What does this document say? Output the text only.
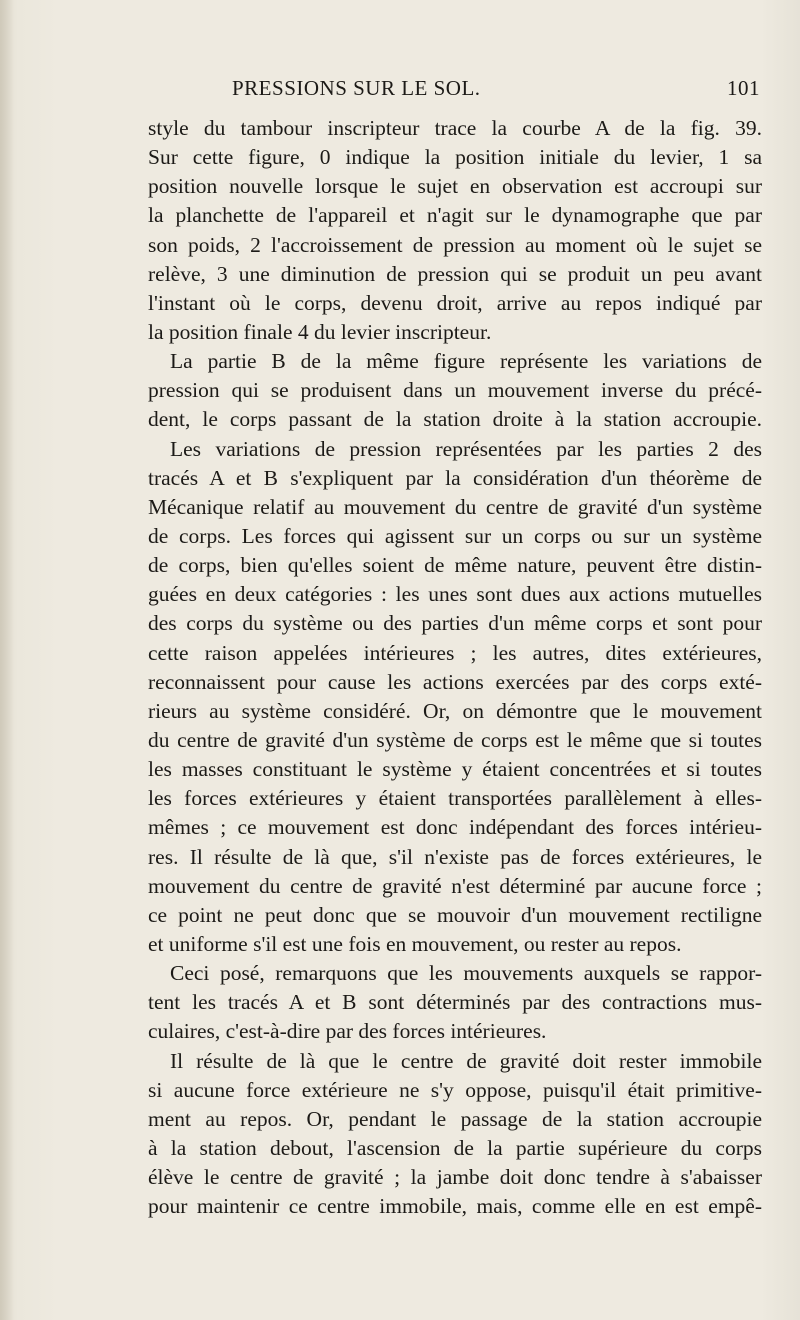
PRESSIONS SUR LE SOL.	101
style du tambour inscripteur trace la courbe A de la fig. 39.
Sur cette figure, 0 indique la position initiale du levier, 1 sa
position nouvelle lorsque le sujet en observation est accroupi sur
la planchette de l'appareil et n'agit sur le dynamographe que par
son poids, 2 l'accroissement de pression au moment où le sujet se
relève, 3 une diminution de pression qui se produit un peu avant
l'instant où le corps, devenu droit, arrive au repos indiqué par
la position finale 4 du levier inscripteur.
La partie B de la même figure représente les variations de
pression qui se produisent dans un mouvement inverse du précé-
dent, le corps passant de la station droite à la station accroupie.
Les variations de pression représentées par les parties 2 des
tracés A et B s'expliquent par la considération d'un théorème de
Mécanique relatif au mouvement du centre de gravité d'un système
de corps. Les forces qui agissent sur un corps ou sur un système
de corps, bien qu'elles soient de même nature, peuvent être distin-
guées en deux catégories : les unes sont dues aux actions mutuelles
des corps du système ou des parties d'un même corps et sont pour
cette raison appelées intérieures ; les autres, dites extérieures,
reconnaissent pour cause les actions exercées par des corps exté-
rieurs au système considéré. Or, on démontre que le mouvement
du centre de gravité d'un système de corps est le même que si toutes
les masses constituant le système y étaient concentrées et si toutes
les forces extérieures y étaient transportées parallèlement à elles-
mêmes ; ce mouvement est donc indépendant des forces intérieu-
res. Il résulte de là que, s'il n'existe pas de forces extérieures, le
mouvement du centre de gravité n'est déterminé par aucune force ;
ce point ne peut donc que se mouvoir d'un mouvement rectiligne
et uniforme s'il est une fois en mouvement, ou rester au repos.
Ceci posé, remarquons que les mouvements auxquels se rappor-
tent les tracés A et B sont déterminés par des contractions mus-
culaires, c'est-à-dire par des forces intérieures.
Il résulte de là que le centre de gravité doit rester immobile
si aucune force extérieure ne s'y oppose, puisqu'il était primitive-
ment au repos. Or, pendant le passage de la station accroupie
à la station debout, l'ascension de la partie supérieure du corps
élève le centre de gravité ; la jambe doit donc tendre à s'abaisser
pour maintenir ce centre immobile, mais, comme elle en est empê-
